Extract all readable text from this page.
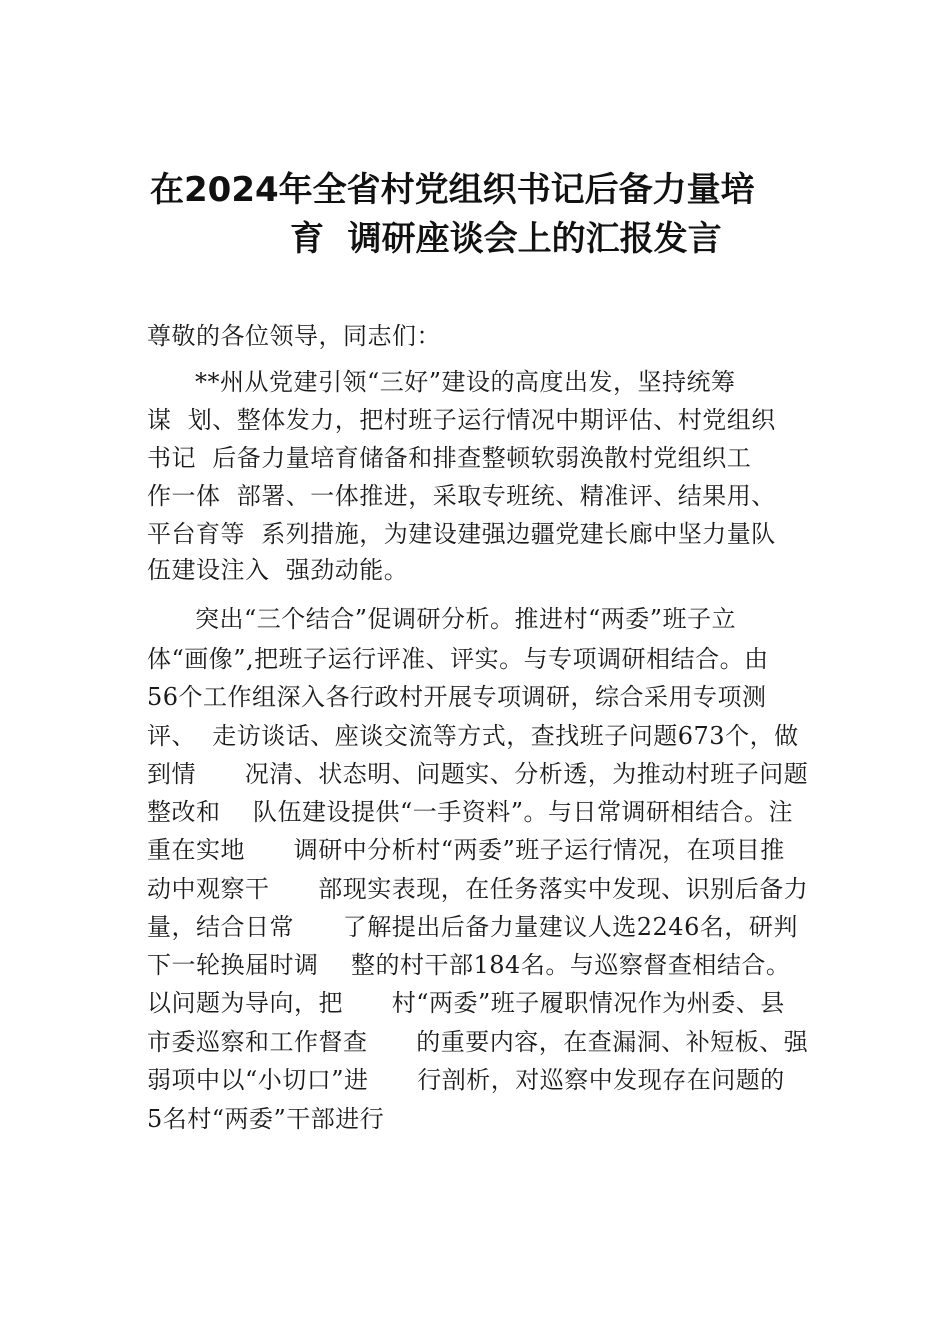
在2024年全省村党组织书记后备力量培
育  调研座谈会上的汇报发言
尊敬的各位领导，同志们：
**州从党建引领“三好”建设的高度出发，坚持统筹
谋  划、整体发力，把村班子运行情况中期评估、村党组织
书记  后备力量培育储备和排查整顿软弱涣散村党组织工
作一体  部署、一体推进，采取专班统、精准评、结果用、
平台育等  系列措施，为建设建强边疆党建长廊中坚力量队
伍建设注入  强劲动能。
突出“三个结合”促调研分析。推进村“两委”班子立
体“画像”,把班子运行评准、评实。与专项调研相结合。由
56个工作组深入各行政村开展专项调研，综合采用专项测
评、  走访谈话、座谈交流等方式，查找班子问题673个，做
到情      况清、状态明、问题实、分析透，为推动村班子问题
整改和    队伍建设提供“一手资料”。与日常调研相结合。注
重在实地      调研中分析村“两委”班子运行情况，在项目推
动中观察干      部现实表现，在任务落实中发现、识别后备力
量，结合日常      了解提出后备力量建议人选2246名，研判
下一轮换届时调    整的村干部184名。与巡察督查相结合。
以问题为导向，把      村“两委”班子履职情况作为州委、县
市委巡察和工作督查      的重要内容，在查漏洞、补短板、强
弱项中以“小切口”进      行剖析，对巡察中发现存在问题的
5名村“两委”干部进行
